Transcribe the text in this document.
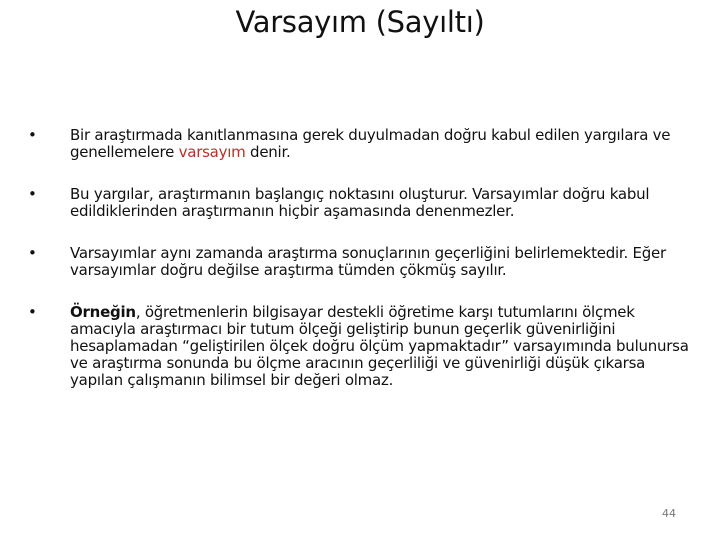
Varsayım (Sayıltı)
• Bir araştırmada kanıtlanmasına gerek duyulmadan doğru kabul edilen yargılara ve genellemelere varsayım denir.
• Bu yargılar, araştırmanın başlangıç noktasını oluşturur. Varsayımlar doğru kabul edildiklerinden araştırmanın hiçbir aşamasında denenmezler.
• Varsayımlar aynı zamanda araştırma sonuçlarının geçerliğini belirlemektedir. Eğer varsayımlar doğru değilse araştırma tümden çökmüş sayılır.
• Örneğin, öğretmenlerin bilgisayar destekli öğretime karşı tutumlarını ölçmek amacıyla araştırmacı bir tutum ölçeği geliştirip bunun geçerlik güvenirliğini hesaplamadan “geliştirilen ölçek doğru ölçüm yapmaktadır” varsayımında bulunursa ve araştırma sonunda bu ölçme aracının geçerliliği ve güvenirliği düşük çıkarsa yapılan çalışmanın bilimsel bir değeri olmaz.
44
